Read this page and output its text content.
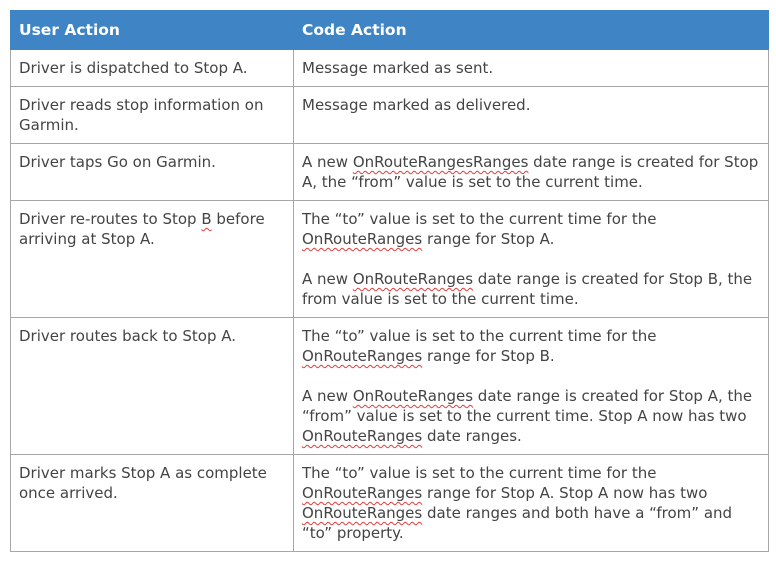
User Action	Code Action
Driver is dispatched to Stop A.	Message marked as sent.

Driver reads stop information on Garmin.	Message marked as delivered.

Driver taps Go on Garmin.	A new OnRouteRangesRanges date range is created for Stop A, the “from” value is set to the current time.

Driver re-routes to Stop B before arriving at Stop A.	The “to” value is set to the current time for the OnRouteRanges range for Stop A.

A new OnRouteRanges date range is created for Stop B, the from value is set to the current time.

Driver routes back to Stop A.	The “to” value is set to the current time for the OnRouteRanges range for Stop B.

A new OnRouteRanges date range is created for Stop A, the “from” value is set to the current time. Stop A now has two OnRouteRanges date ranges.

Driver marks Stop A as complete once arrived.	The “to” value is set to the current time for the OnRouteRanges range for Stop A. Stop A now has two OnRouteRanges date ranges and both have a “from” and “to” property.
